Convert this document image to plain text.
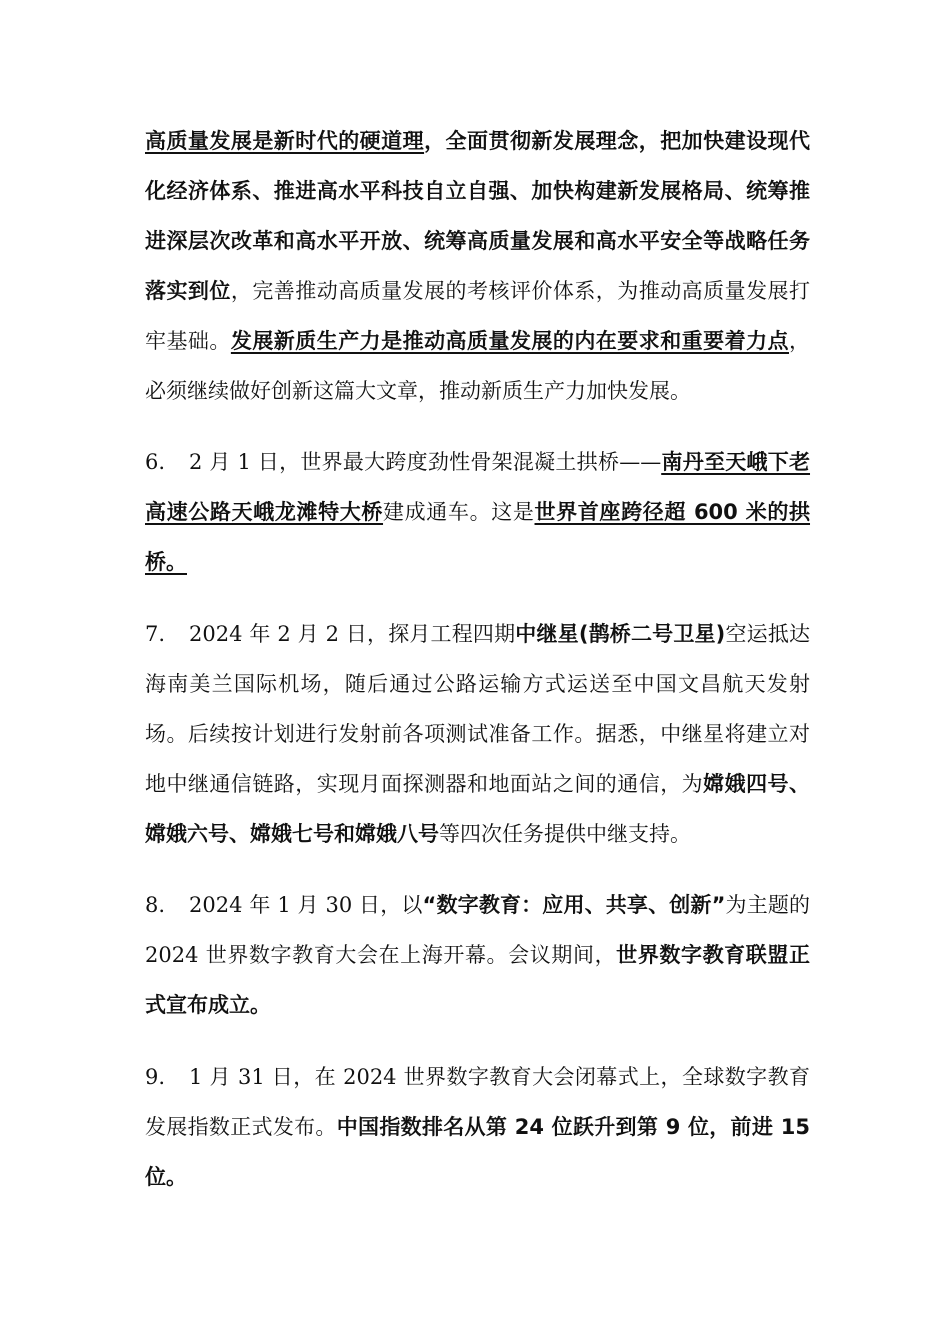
高质量发展是新时代的硬道理，全面贯彻新发展理念，把加快建设现代化经济体系、推进高水平科技自立自强、加快构建新发展格局、统筹推进深层次改革和高水平开放、统筹高质量发展和高水平安全等战略任务落实到位，完善推动高质量发展的考核评价体系，为推动高质量发展打牢基础。发展新质生产力是推动高质量发展的内在要求和重要着力点，必须继续做好创新这篇大文章，推动新质生产力加快发展。
6. 2 月 1 日，世界最大跨度劲性骨架混凝土拱桥——南丹至天峨下老高速公路天峨龙滩特大桥建成通车。这是世界首座跨径超 600 米的拱桥。
7. 2024 年 2 月 2 日，探月工程四期中继星(鹊桥二号卫星)空运抵达海南美兰国际机场，随后通过公路运输方式运送至中国文昌航天发射场。后续按计划进行发射前各项测试准备工作。据悉，中继星将建立对地中继通信链路，实现月面探测器和地面站之间的通信，为嫦娥四号、嫦娥六号、嫦娥七号和嫦娥八号等四次任务提供中继支持。
8. 2024 年 1 月 30 日，以“数字教育：应用、共享、创新”为主题的 2024 世界数字教育大会在上海开幕。会议期间，世界数字教育联盟正式宣布成立。
9. 1 月 31 日，在 2024 世界数字教育大会闭幕式上，全球数字教育发展指数正式发布。中国指数排名从第 24 位跃升到第 9 位，前进 15 位。
